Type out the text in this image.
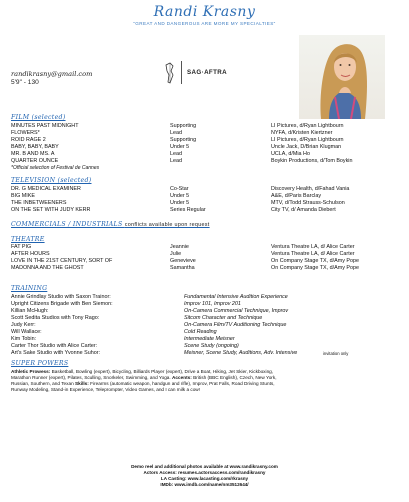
Randi Krasny
"GREAT AND DANGEROUS ARE MORE MY SPECIALTIES"
randikrasny@gmail.com
5'9" - 130
SAG·AFTRA
FILM (selected)
MINUTES PAST MIDNIGHT	Supporting	LI Pictures, d/Ryan Lightbourn
FLOWERS*	Lead	NYFA, d/Kristen Kiertzner
ROID RAGE 2	Supporting	LI Pictures, d/Ryan Lightbourn
BABY, BABY, BABY	Under 5	Uncle Jack, D/Brian Klugman
MR. B AND MS. A	Lead	UCLA, d/Mia Ho
QUARTER OUNCE	Lead	Boykin Productions, d/Tom Boykin
*Official selection of Festival de Cannes
TELEVISION (selected)
DR. G MEDICAL EXAMINER	Co-Star	Discovery Health, d/Fahad Vania
BIG MIKE	Under 5	A&E, d/Paris Barclay
THE INBETWEENERS	Under 5	MTV, d/Todd Strauss-Schulson
ON THE SET WITH JUDY KERR	Series Regular	City TV, d/ Amanda Diebert
COMMERCIALS / INDUSTRIALS conflicts available upon request
THEATRE
FAT PIG	Jeannie	Ventura Theatre LA, d/ Alice Carter
AFTER HOURS	Julie	Ventura Theatre LA, d/ Alice Carter
LOVE IN THE 21ST CENTURY, SORT OF	Genevieve	On Company Stage TX, d/Amy Pope
MADONNA AND THE GHOST	Samantha	On Company Stage TX, d/Amy Pope
TRAINING
Annie Grindlay Studio with Saxon Trainor:	Fundamental Intensive Audition Experience
Upright Citizens Brigade with Ben Siemon:	Improv 101, Improv 201
Killian McHugh:	On-Camera Commercial Technique, Improv
Scott Sedita Studios with Tony Rago:	Sitcom Character and Technique
Judy Kerr:	On-Camera Film/TV Auditioning Technique
Will Wallace:	Cold Reading
Kim Tobin:	Intermediate Meisner
Carter Thor Studio with Alice Carter:	Scene Study (ongoing)
Art's Sake Studio with Yvonne Suhor:	Meisner, Scene Study, Auditions, Adv. Intensive	invitation only
SUPER POWERS
Athletic Prowess: Basketball, Bowling (expert), Bicycling, Billiards Player (expert), Drive a Boat, Hiking, Jet Skier, Kickboxing,
Marathon Runner (expert), Pilates, Sculling, Snorkeler, Swimming, and Yoga. Accents: British (BBC English), Czech, New York,
Russian, Southern, and Texan Skills: Firearms (automatic weapon, handgun and rifle), Improv, Prat Falls, Road Driving Stunts,
Runway Modeling, Stand-in Experience, Teleprompter, Video Games, and I can milk a cow!
Demo reel and additional photos available at www.randikrasny.com
Actors Access: resumes.actorsaccess.com/randikrasny
LA Casting: www.lacasting.com/rkrasny
IMDb: www.imdb.com/name/nm3512644/
